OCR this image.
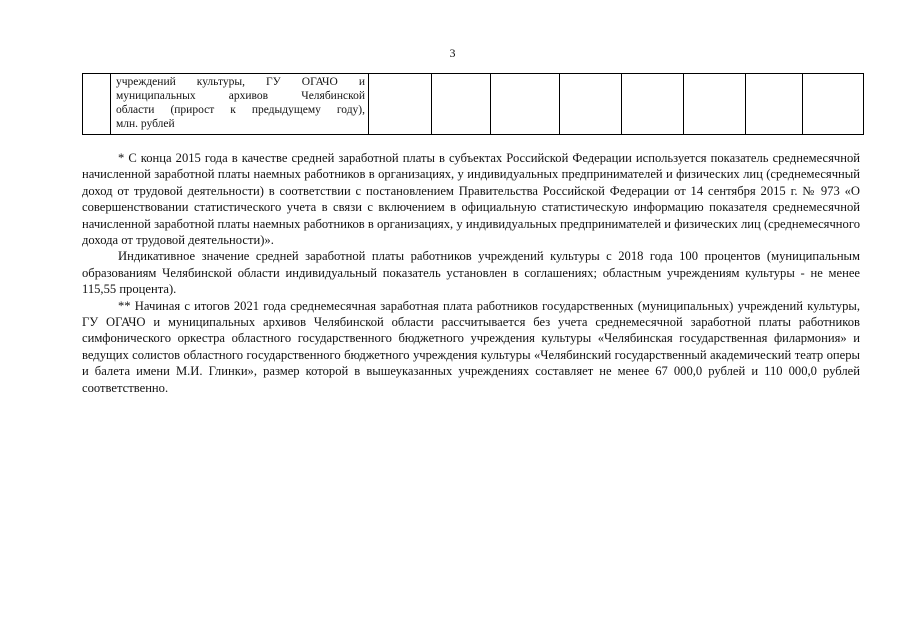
3
	учреждений культуры, ГУ ОГАЧО и
муниципальных архивов Челябинской
области (прирост к предыдущему году),

млн. рублей

* С конца 2015 года в качестве средней заработной платы в субъектах Российской Федерации используется показатель среднемесячной начисленной заработной платы наемных работников в организациях, у индивидуальных предпринимателей и физических лиц (среднемесячный доход от трудовой деятельности) в соответствии с постановлением Правительства Российской Федерации от 14 сентября 2015 г. № 973 «О совершенствовании статистического учета в связи с включением в официальную статистическую информацию показателя среднемесячной начисленной заработной платы наемных работников в организациях, у индивидуальных предпринимателей и физических лиц (среднемесячного дохода от трудовой деятельности)».

Индикативное значение средней заработной платы работников учреждений культуры с 2018 года 100 процентов (муниципальным образованиям Челябинской области индивидуальный показатель установлен в соглашениях; областным учреждениям культуры - не менее 115,55 процента).

** Начиная с итогов 2021 года среднемесячная заработная плата работников государственных (муниципальных) учреждений культуры, ГУ ОГАЧО и муниципальных архивов Челябинской области рассчитывается без учета среднемесячной заработной платы работников симфонического оркестра областного государственного бюджетного учреждения культуры «Челябинская государственная филармония» и ведущих солистов областного государственного бюджетного учреждения культуры «Челябинский государственный академический театр оперы и балета имени М.И. Глинки», размер которой в вышеуказанных учреждениях составляет не менее 67 000,0 рублей и 110 000,0 рублей соответственно.
